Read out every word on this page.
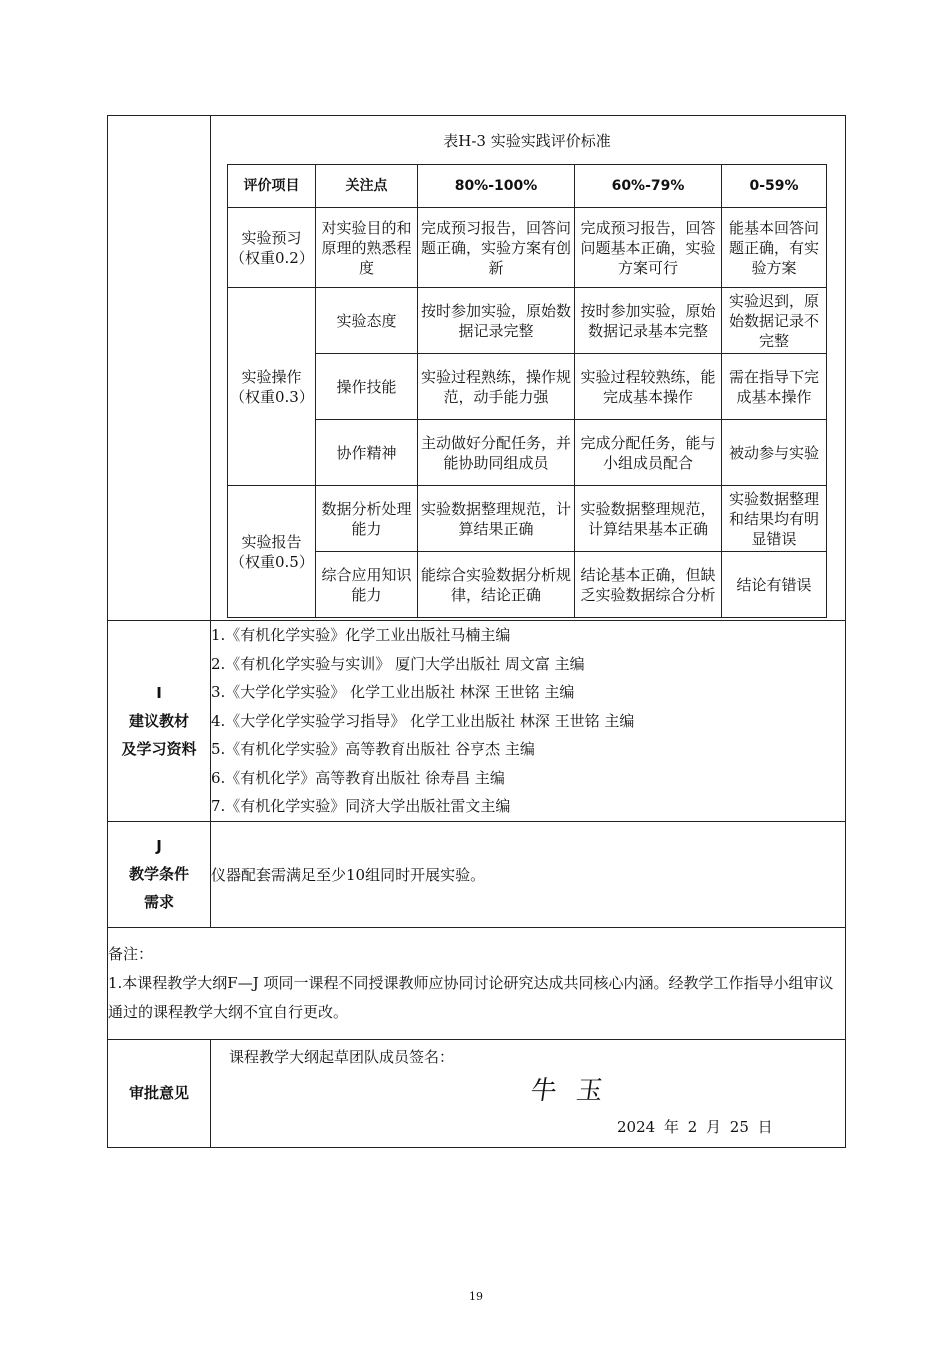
表H-3 实验实践评价标准
评价项目	关注点	80%-100%	60%-79%	0-59%
实验预习（权重0.2）	对实验目的和原理的熟悉程度	完成预习报告，回答问题正确，实验方案有创新	完成预习报告，回答问题基本正确，实验方案可行	能基本回答问题正确，有实验方案
实验操作（权重0.3）	实验态度	按时参加实验，原始数据记录完整	按时参加实验，原始数据记录基本完整	实验迟到，原始数据记录不完整
操作技能	实验过程熟练，操作规范，动手能力强	实验过程较熟练，能完成基本操作	需在指导下完成基本操作
协作精神	主动做好分配任务，并能协助同组成员	完成分配任务，能与小组成员配合	被动参与实验
实验报告（权重0.5）	数据分析处理能力	实验数据整理规范，计算结果正确	实验数据整理规范，计算结果基本正确	实验数据整理和结果均有明显错误
综合应用知识能力	能综合实验数据分析规律，结论正确	结论基本正确，但缺乏实验数据综合分析	结论有错误

I
建议教材
及学习资料

1.《有机化学实验》化学工业出版社马楠主编
2.《有机化学实验与实训》 厦门大学出版社 周文富 主编
3.《大学化学实验》 化学工业出版社 林深 王世铭 主编
4.《大学化学实验学习指导》 化学工业出版社 林深 王世铭 主编
5.《有机化学实验》高等教育出版社 谷亨杰 主编
6.《有机化学》高等教育出版社 徐寿昌 主编
7.《有机化学实验》同济大学出版社雷文主编

J
教学条件
需求
	仪器配套需满足至少10组同时开展实验。

备注：
1.本课程教学大纲F—J 项同一课程不同授课教师应协同讨论研究达成共同核心内涵。经教学工作指导小组审议通过的课程教学大纲不宜自行更改。

审批意见	
课程教学大纲起草团队成员签名：
牛玉
2024 年 2 月 25 日
19
